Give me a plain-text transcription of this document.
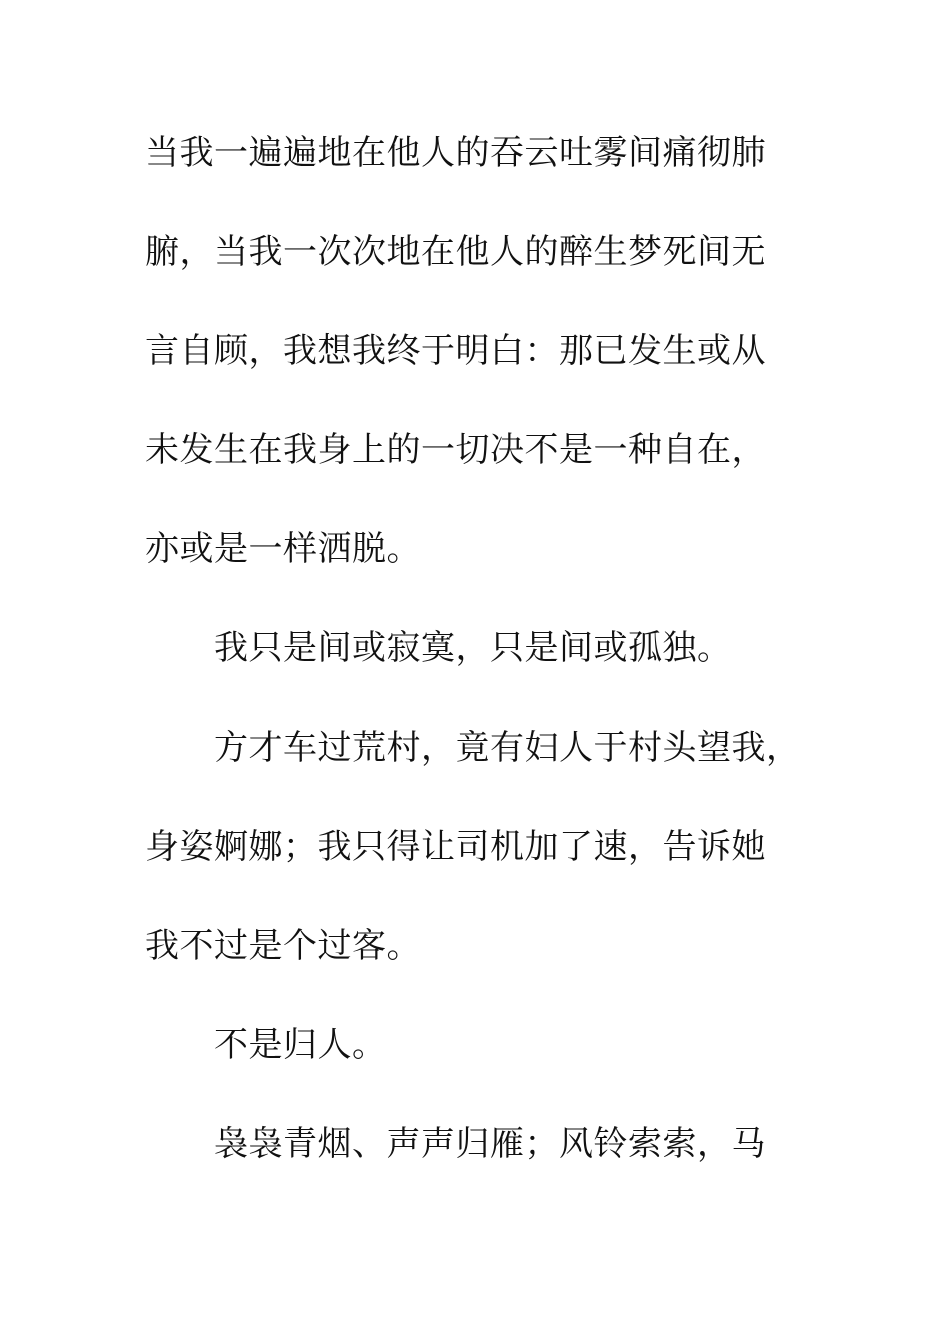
当我一遍遍地在他人的吞云吐雾间痛彻肺
腑，当我一次次地在他人的醉生梦死间无
言自顾，我想我终于明白：那已发生或从
未发生在我身上的一切决不是一种自在，
亦或是一样洒脱。
我只是间或寂寞，只是间或孤独。
方才车过荒村，竟有妇人于村头望我，
身姿婀娜；我只得让司机加了速，告诉她
我不过是个过客。
不是归人。
袅袅青烟、声声归雁；风铃索索，马
